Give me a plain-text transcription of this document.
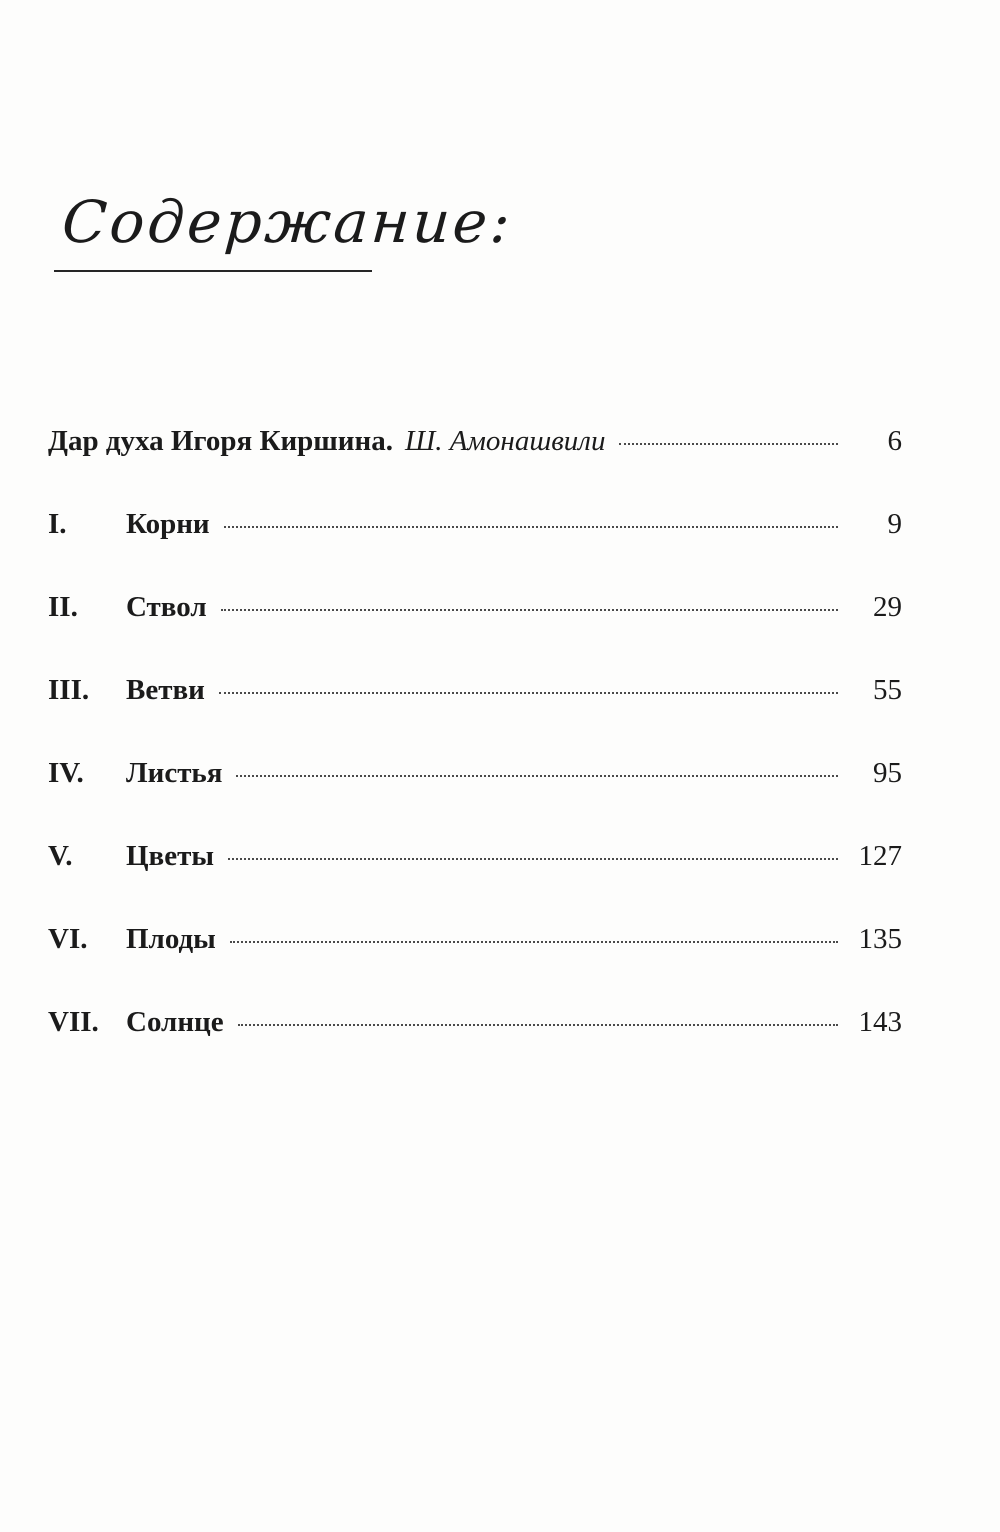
Содержание:
Дар духа Игоря Киршина. Ш. Амонашвили	6
I.	Корни	9
II.	Ствол	29
III.	Ветви	55
IV.	Листья	95
V.	Цветы	127
VI.	Плоды	135
VII. Солнце	143
